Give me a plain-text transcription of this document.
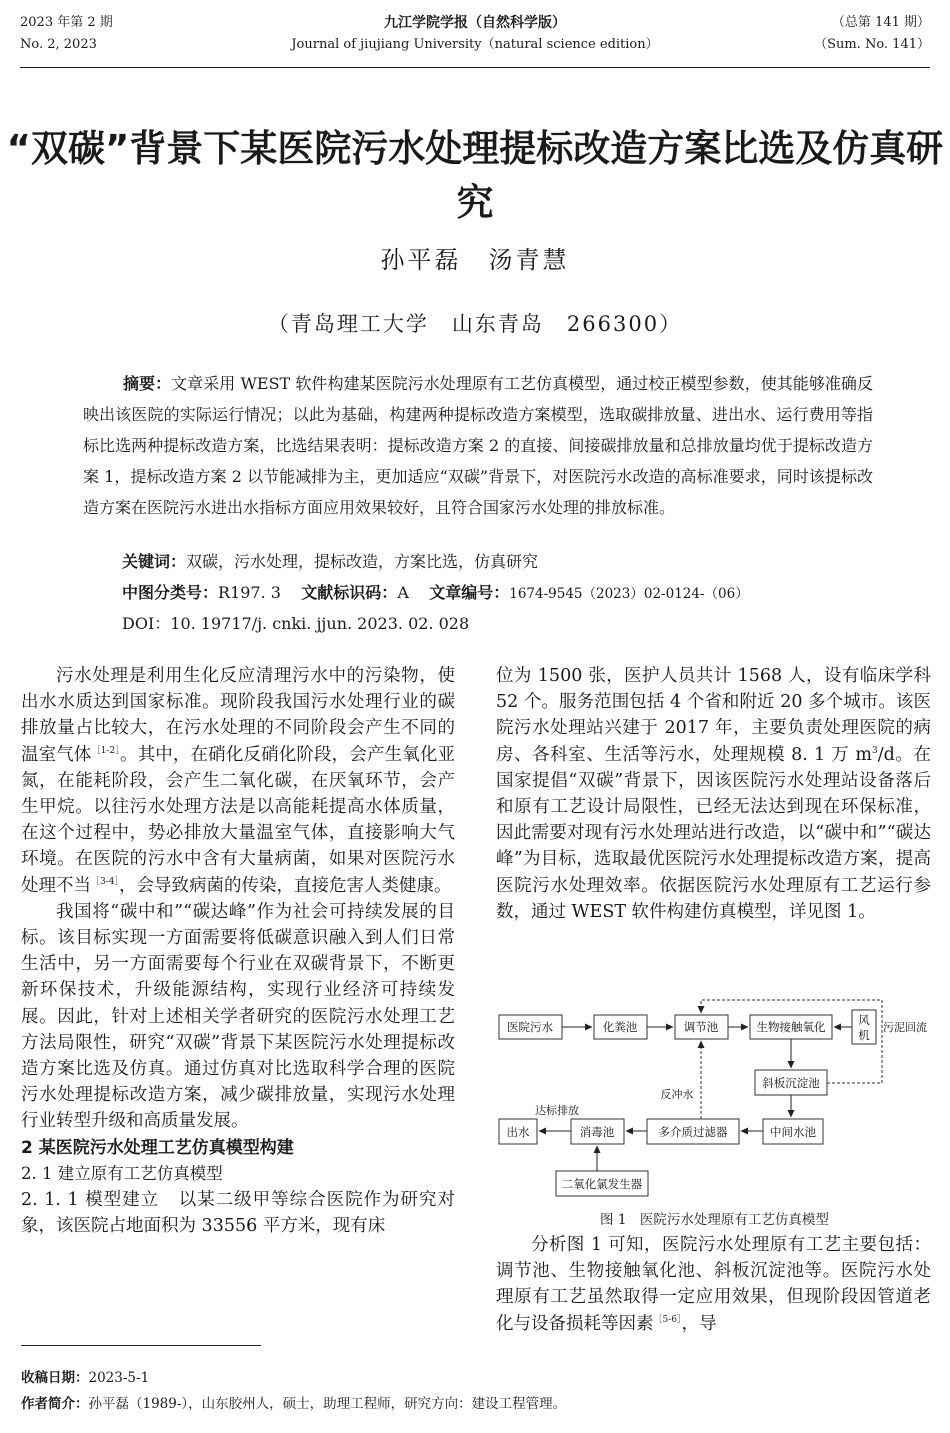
2023 年第 2 期
No. 2, 2023
九江学院学报（自然科学版）
Journal of jiujiang University（natural science edition）
（总第 141 期）
（Sum. No. 141）
“双碳”背景下某医院污水处理提标改造方案比选及仿真研究
孙平磊　汤青慧
（青岛理工大学　山东青岛　266300）

摘要：文章采用 WEST 软件构建某医院污水处理原有工艺仿真模型，通过校正模型参数，使其能够准确反映出该医院的实际运行情况；以此为基础，构建两种提标改造方案模型，选取碳排放量、进出水、运行费用等指标比选两种提标改造方案，比选结果表明：提标改造方案 2 的直接、间接碳排放量和总排放量均优于提标改造方案 1，提标改造方案 2 以节能减排为主，更加适应“双碳”背景下，对医院污水改造的高标准要求，同时该提标改造方案在医院污水进出水指标方面应用效果较好，且符合国家污水处理的排放标准。

关键词：双碳，污水处理，提标改造，方案比选，仿真研究
中图分类号：R197. 3 文献标识码：A 文章编号：1674-9545（2023）02-0124-（06）
DOI：10. 19717/j. cnki. jjun. 2023. 02. 028

污水处理是利用生化反应清理污水中的污染物，使出水水质达到国家标准。现阶段我国污水处理行业的碳排放量占比较大，在污水处理的不同阶段会产生不同的温室气体$^{[1-2]}$。其中，在硝化反硝化阶段，会产生氧化亚氮，在能耗阶段，会产生二氧化碳，在厌氧环节，会产生甲烷。以往污水处理方法是以高能耗提高水体质量，在这个过程中，势必排放大量温室气体，直接影响大气环境。在医院的污水中含有大量病菌，如果对医院污水处理不当$^{[3-4]}$，会导致病菌的传染，直接危害人类健康。

我国将“碳中和”“碳达峰”作为社会可持续发展的目标。该目标实现一方面需要将低碳意识融入到人们日常生活中，另一方面需要每个行业在双碳背景下，不断更新环保技术，升级能源结构，实现行业经济可持续发展。因此，针对上述相关学者研究的医院污水处理工艺方法局限性，研究“双碳”背景下某医院污水处理提标改造方案比选及仿真。通过仿真对比选取科学合理的医院污水处理提标改造方案，减少碳排放量，实现污水处理行业转型升级和高质量发展。

2 某医院污水处理工艺仿真模型构建

2. 1 建立原有工艺仿真模型

2. 1. 1 模型建立 以某二级甲等综合医院作为研究对象，该医院占地面积为 33556 平方米，现有床

位为 1500 张，医护人员共计 1568 人，设有临床学科 52 个。服务范围包括 4 个省和附近 20 多个城市。该医院污水处理站兴建于 2017 年，主要负责处理医院的病房、各科室、生活等污水，处理规模 8. 1 万 $m^3/d$。在国家提倡“双碳”背景下，因该医院污水处理站设备落后和原有工艺设计局限性，已经无法达到现在环保标准，因此需要对现有污水处理站进行改造，以“碳中和”“碳达峰”为目标，选取最优医院污水处理提标改造方案，提高医院污水处理效率。依据医院污水处理原有工艺运行参数，通过 WEST 软件构建仿真模型，详见图 1。

医院污水	化粪池	调节池	生物接触氧化	风
机
污泥回流
斜板沉淀池
中间水池
多介质过滤器
消毒池
出水
二氧化氯发生器
反冲水
达标排放
图 1　医院污水处理原有工艺仿真模型

分析图 1 可知，医院污水处理原有工艺主要包括：调节池、生物接触氧化池、斜板沉淀池等。医院污水处理原有工艺虽然取得一定应用效果，但现阶段因管道老化与设备损耗等因素$^{[5-6]}$，导

收稿日期：2023-5-1
作者简介：孙平磊（1989-），山东胶州人，硕士，助理工程师，研究方向：建设工程管理。
